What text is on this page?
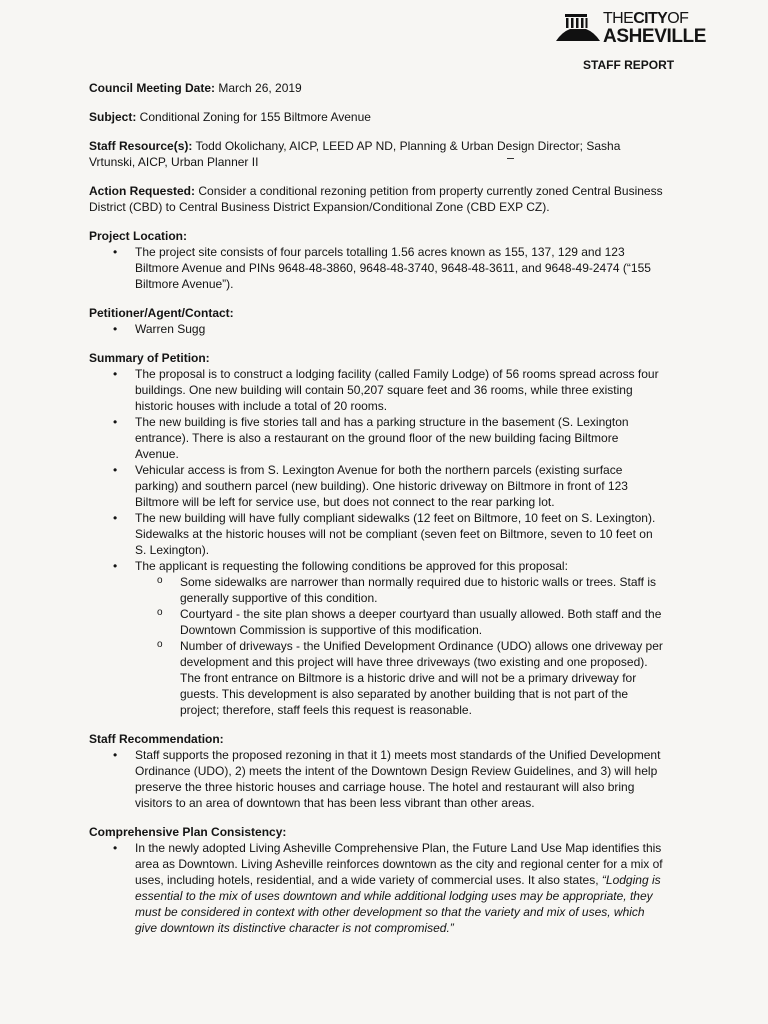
THECITYOF
ASHEVILLE
STAFF REPORT

Council Meeting Date: March 26, 2019

Subject: Conditional Zoning for 155 Biltmore Avenue

Staff Resource(s): Todd Okolichany, AICP, LEED AP ND, Planning & Urban Design Director; Sasha Vrtunski, AICP, Urban Planner II

Action Requested: Consider a conditional rezoning petition from property currently zoned Central Business District (CBD) to Central Business District Expansion/Conditional Zone (CBD EXP CZ).

Project Location:
• The project site consists of four parcels totalling 1.56 acres known as 155, 137, 129 and 123 Biltmore Avenue and PINs 9648-48-3860, 9648-48-3740, 9648-48-3611, and 9648-49-2474 (“155 Biltmore Avenue”).
Petitioner/Agent/Contact:
• Warren Sugg
Summary of Petition:
• The proposal is to construct a lodging facility (called Family Lodge) of 56 rooms spread across four buildings. One new building will contain 50,207 square feet and 36 rooms, while three existing historic houses with include a total of 20 rooms.
• The new building is five stories tall and has a parking structure in the basement (S. Lexington entrance). There is also a restaurant on the ground floor of the new building facing Biltmore Avenue.
• Vehicular access is from S. Lexington Avenue for both the northern parcels (existing surface parking) and southern parcel (new building). One historic driveway on Biltmore in front of 123 Biltmore will be left for service use, but does not connect to the rear parking lot.
• The new building will have fully compliant sidewalks (12 feet on Biltmore, 10 feet on S. Lexington). Sidewalks at the historic houses will not be compliant (seven feet on Biltmore, seven to 10 feet on S. Lexington).
• The applicant is requesting the following conditions be approved for this proposal:
o Some sidewalks are narrower than normally required due to historic walls or trees. Staff is generally supportive of this condition.
o Courtyard - the site plan shows a deeper courtyard than usually allowed. Both staff and the Downtown Commission is supportive of this modification.
o Number of driveways - the Unified Development Ordinance (UDO) allows one driveway per development and this project will have three driveways (two existing and one proposed). The front entrance on Biltmore is a historic drive and will not be a primary driveway for guests. This development is also separated by another building that is not part of the project; therefore, staff feels this request is reasonable.
Staff Recommendation:
• Staff supports the proposed rezoning in that it 1) meets most standards of the Unified Development Ordinance (UDO), 2) meets the intent of the Downtown Design Review Guidelines, and 3) will help preserve the three historic houses and carriage house. The hotel and restaurant will also bring visitors to an area of downtown that has been less vibrant than other areas.
Comprehensive Plan Consistency:
• In the newly adopted Living Asheville Comprehensive Plan, the Future Land Use Map identifies this area as Downtown. Living Asheville reinforces downtown as the city and regional center for a mix of uses, including hotels, residential, and a wide variety of commercial uses. It also states, “Lodging is essential to the mix of uses downtown and while additional lodging uses may be appropriate, they must be considered in context with other development so that the variety and mix of uses, which give downtown its distinctive character is not compromised.”
